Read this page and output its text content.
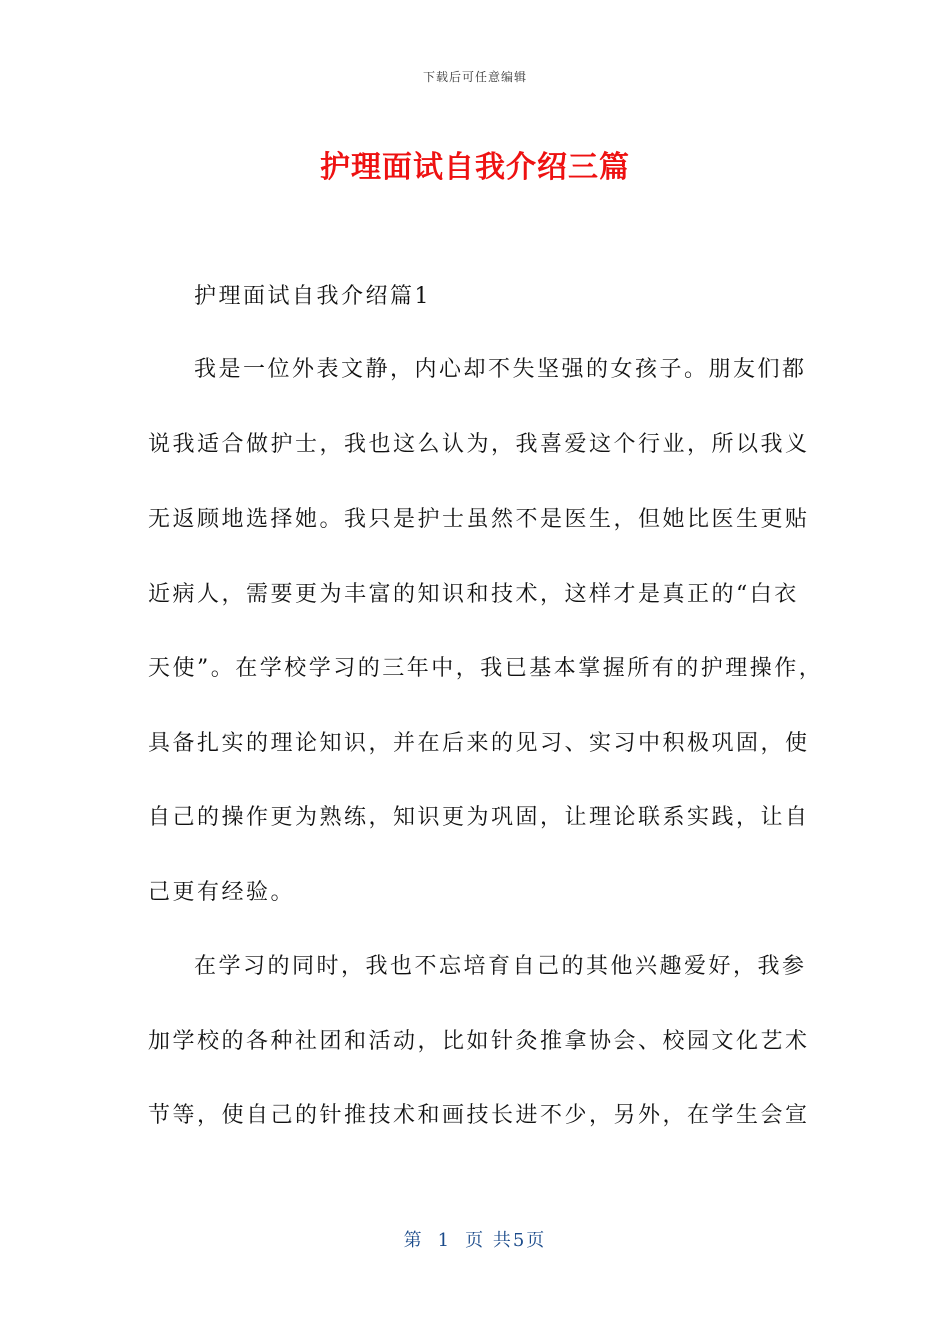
下载后可任意编辑
护理面试自我介绍三篇
护理面试自我介绍篇1
我是一位外表文静，内心却不失坚强的女孩子。朋友们都
说我适合做护士，我也这么认为，我喜爱这个行业，所以我义
无返顾地选择她。我只是护士虽然不是医生，但她比医生更贴
近病人，需要更为丰富的知识和技术，这样才是真正的“白衣
天使”。在学校学习的三年中，我已基本掌握所有的护理操作，
具备扎实的理论知识，并在后来的见习、实习中积极巩固，使
自己的操作更为熟练，知识更为巩固，让理论联系实践，让自
己更有经验。
在学习的同时，我也不忘培育自己的其他兴趣爱好，我参
加学校的各种社团和活动，比如针灸推拿协会、校园文化艺术
节等，使自己的针推技术和画技长进不少，另外，在学生会宣
第 1 页 共5页
